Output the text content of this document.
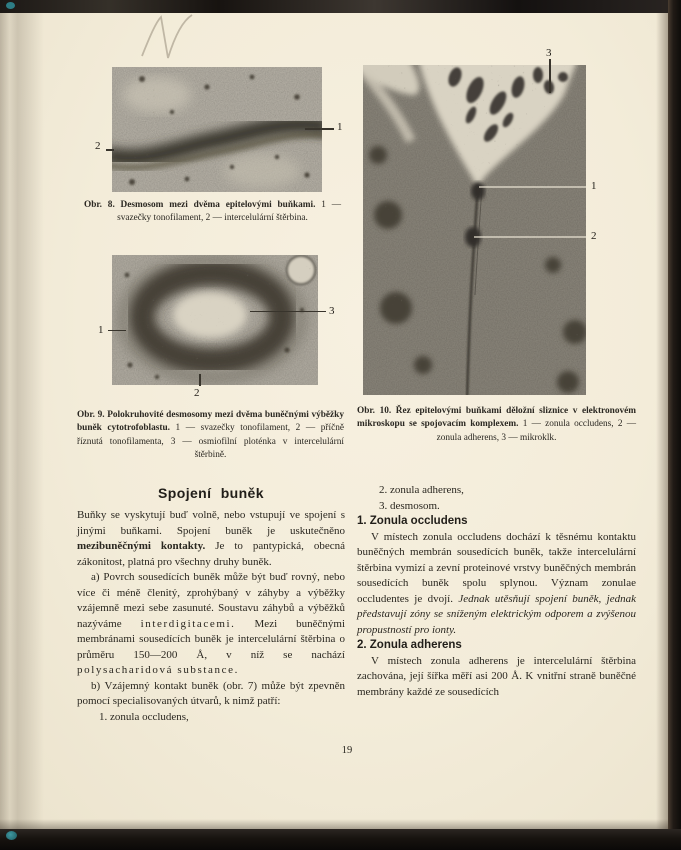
1
2
Obr. 8. Desmosom mezi dvěma epitelovými buňkami. 1 — svazečky tonofilament, 2 — intercelulární štěrbina.
1
3
2
Obr. 9. Polokruhovité desmosomy mezi dvěma buněčnými výběžky buněk cytotrofoblastu. 1 — svazečky tonofilament, 2 — příčně říznutá tonofilamenta, 3 — osmiofilní ploténka v intercelulární štěrbině.
3
1
2
Obr. 10. Řez epitelovými buňkami děložní sliznice v elektronovém mikroskopu se spojovacím komplexem. 1 — zonula occludens, 2 — zonula adherens, 3 — mikroklk.
Spojení buněk

Buňky se vyskytují buď volně, nebo vstupují ve spojení s jinými buňkami. Spojení buněk je uskutečněno mezibuněčnými kontakty. Je to pantypická, obecná zákonitost, platná pro všechny druhy buněk.

a) Povrch sousedících buněk může být buď rovný, nebo více či méně členitý, zprohýbaný v záhyby a výběžky vzájemně mezi sebe zasunuté. Soustavu záhybů a výběžků nazýváme interdigitacemi. Mezi buněčnými membránami sousedících buněk je intercelulární štěrbina o průměru 150—200 Å, v níž se nachází polysacharidová substance.

b) Vzájemný kontakt buněk (obr. 7) může být zpevněn pomocí specialisovaných útvarů, k nimž patří:

1. zonula occludens,

2. zonula adherens,

3. desmosom.

1. Zonula occludens

V místech zonula occludens dochází k těsnému kontaktu buněčných membrán sousedících buněk, takže intercelulární štěrbina vymizí a zevní proteinové vrstvy buněčných membrán sousedících buněk spolu splynou. Význam zonulae occludentes je dvojí. Jednak utěsňují spojení buněk, jednak představují zóny se sníženým elektrickým odporem a zvýšenou propustností pro ionty.

2. Zonula adherens

V místech zonula adherens je intercelulární štěrbina zachována, její šířka měří asi 200 Å. K vnitřní straně buněčné membrány každé ze sousedících

19
